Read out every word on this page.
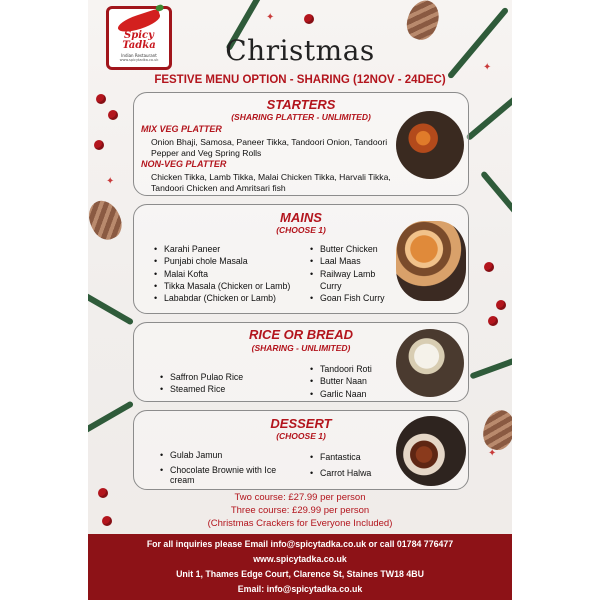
✦
✦
✦
✦
Spicy
Tadka
Indian Restaurant
www.spicytadka.co.uk	Christmas
FESTIVE MENU OPTION - SHARING (12NOV - 24DEC)
STARTERS
(SHARING PLATTER - UNLIMITED)
MIX VEG PLATTER
Onion Bhaji, Samosa, Paneer Tikka, Tandoori Onion, Tandoori Pepper and Veg Spring Rolls
NON-VEG PLATTER
Chicken Tikka, Lamb Tikka, Malai Chicken Tikka, Harvali Tikka, Tandoori Chicken and Amritsari fish
MAINS
(CHOOSE 1)
• Karahi Paneer
• Punjabi chole Masala
• Malai Kofta
• Tikka Masala (Chicken or Lamb)
• Lababdar (Chicken or Lamb)
• Butter Chicken
• Laal Maas
• Railway Lamb Curry
• Goan Fish Curry
RICE OR BREAD
(SHARING - UNLIMITED)
• Saffron Pulao Rice
• Steamed Rice
• Tandoori Roti
• Butter Naan
• Garlic Naan
DESSERT
(CHOOSE 1)
• Gulab Jamun
• Chocolate Brownie with Ice cream
• Fantastica
• Carrot Halwa
Two course: £27.99 per person
Three course: £29.99 per person
(Christmas Crackers for Everyone Included)
For all inquiries please Email info@spicytadka.co.uk or call 01784 776477
www.spicytadka.co.uk
Unit 1, Thames Edge Court, Clarence St, Staines TW18 4BU
Email: info@spicytadka.co.uk
